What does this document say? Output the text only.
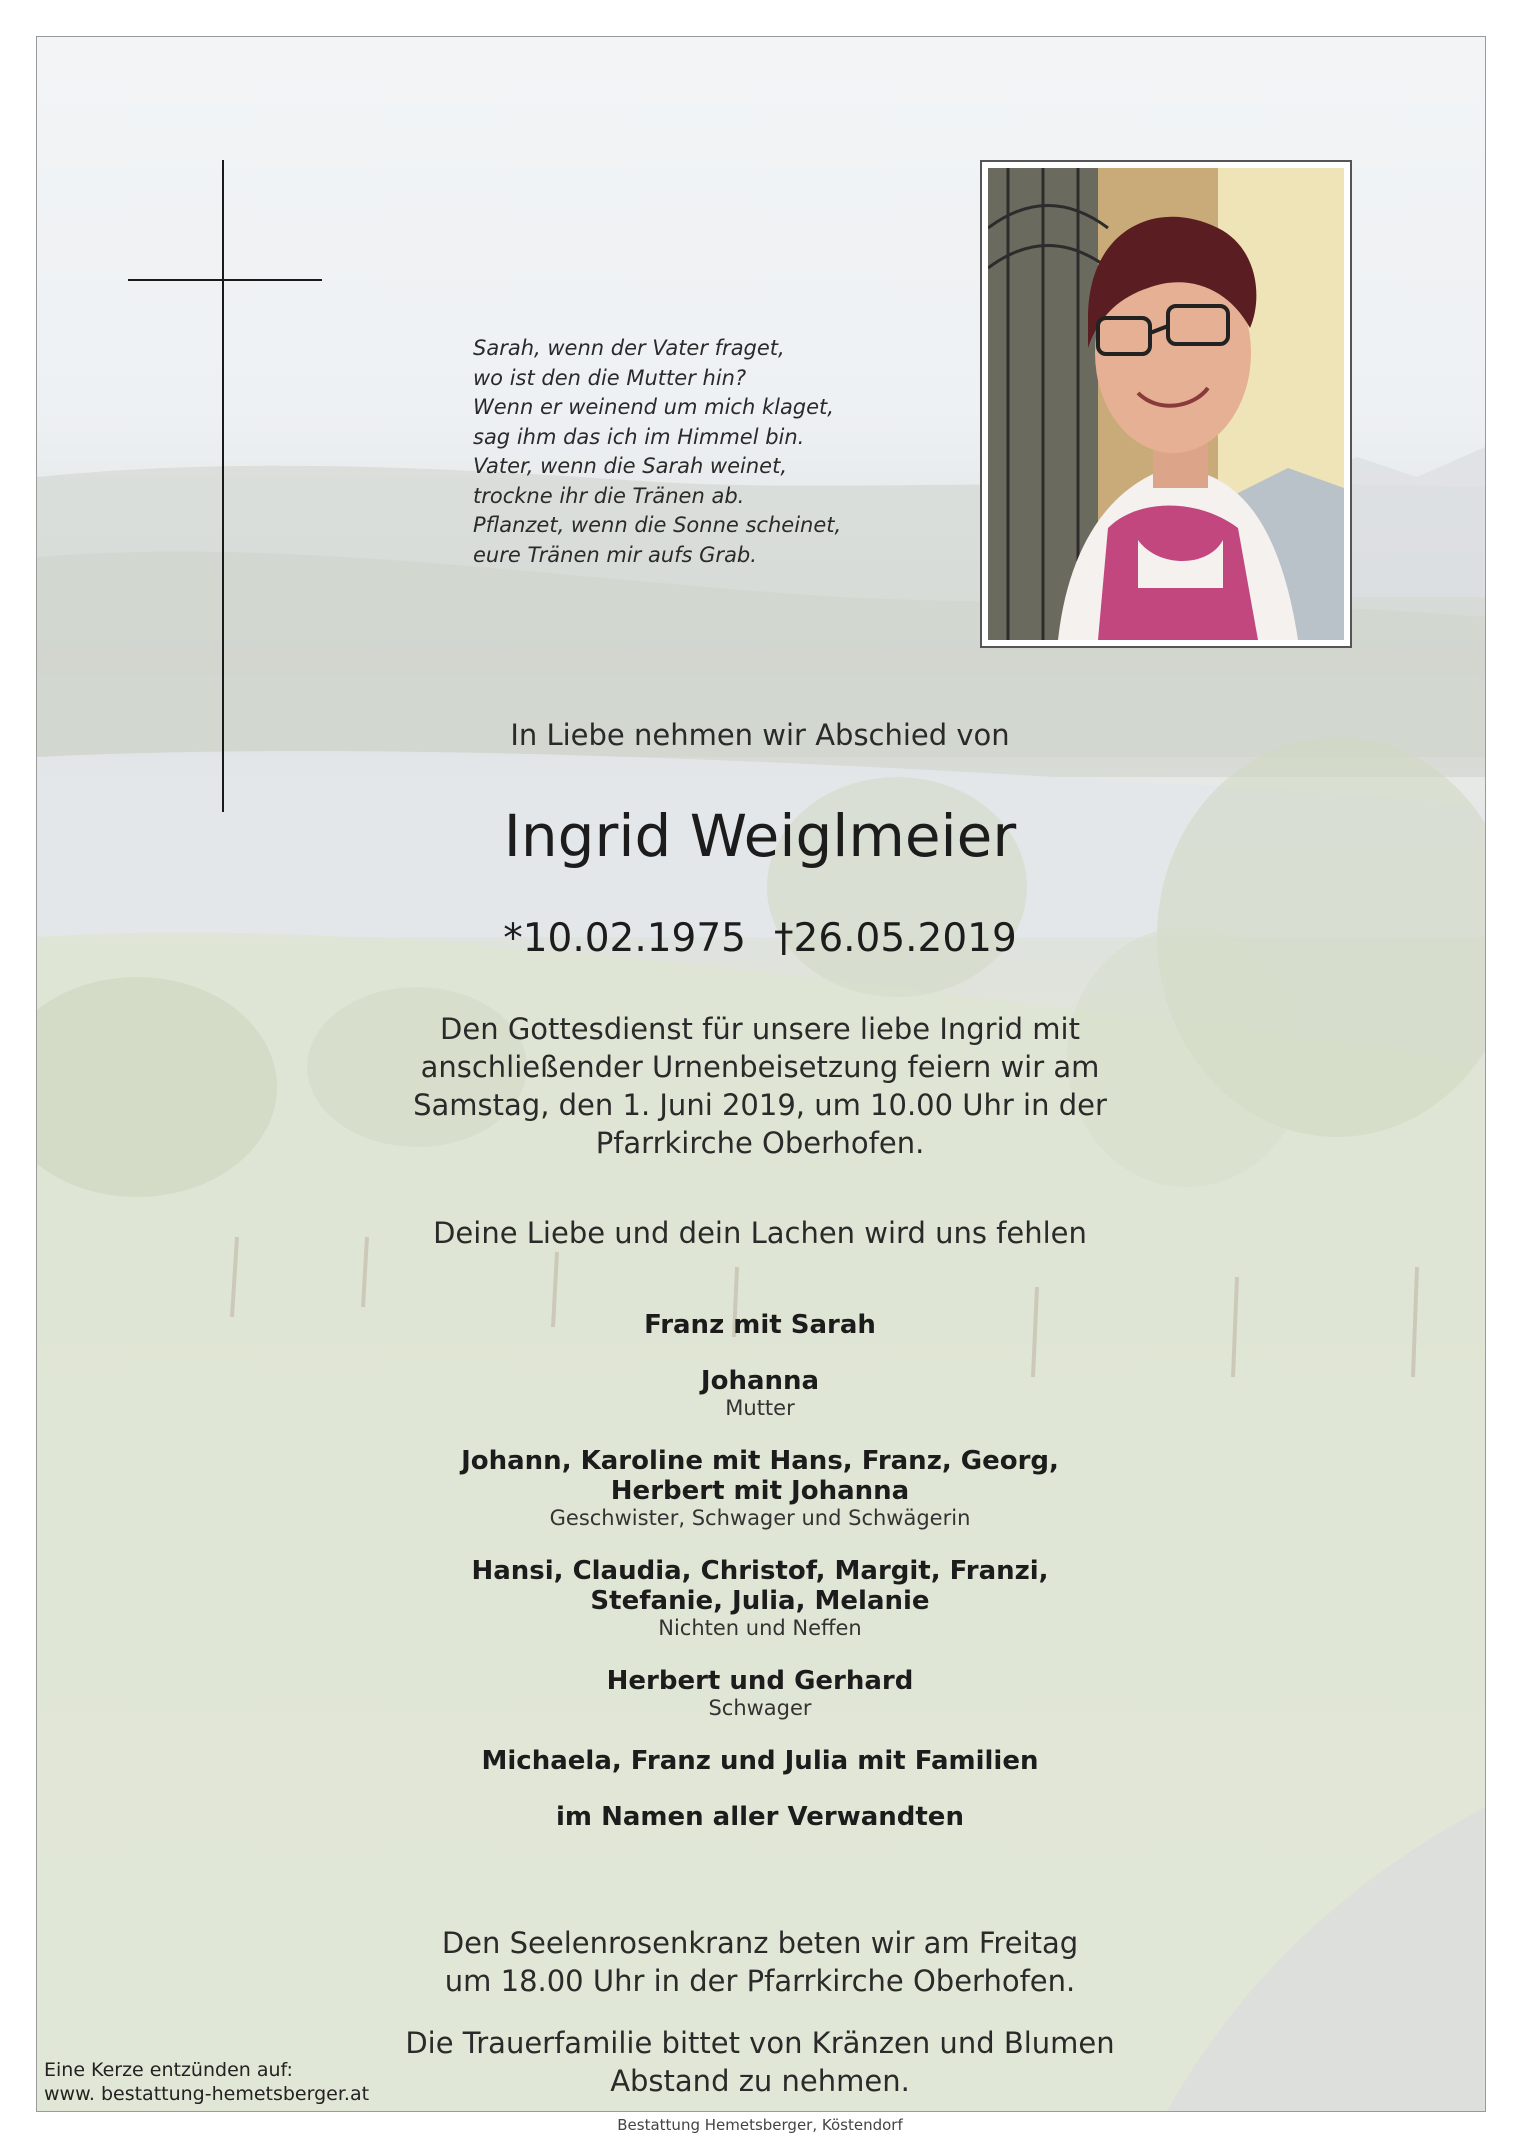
Sarah, wenn der Vater fraget,
wo ist den die Mutter hin?
Wenn er weinend um mich klaget,
sag ihm das ich im Himmel bin.
Vater, wenn die Sarah weinet,
trockne ihr die Tränen ab.
Pflanzet, wenn die Sonne scheinet,
eure Tränen mir aufs Grab.
In Liebe nehmen wir Abschied von
Ingrid Weiglmeier
*10.02.1975 †26.05.2019
Den Gottesdienst für unsere liebe Ingrid mit
anschließender Urnenbeisetzung feiern wir am
Samstag, den 1. Juni 2019, um 10.00 Uhr in der
Pfarrkirche Oberhofen.
Deine Liebe und dein Lachen wird uns fehlen
Franz mit Sarah
Johanna
Mutter
Johann, Karoline mit Hans, Franz, Georg,
Herbert mit Johanna
Geschwister, Schwager und Schwägerin
Hansi, Claudia, Christof, Margit, Franzi,
Stefanie, Julia, Melanie
Nichten und Neffen
Herbert und Gerhard
Schwager
Michaela, Franz und Julia mit Familien
im Namen aller Verwandten
Den Seelenrosenkranz beten wir am Freitag
um 18.00 Uhr in der Pfarrkirche Oberhofen.
Die Trauerfamilie bittet von Kränzen und Blumen
Abstand zu nehmen.
Eine Kerze entzünden auf:
www. bestattung-hemetsberger.at
Bestattung Hemetsberger, Köstendorf
